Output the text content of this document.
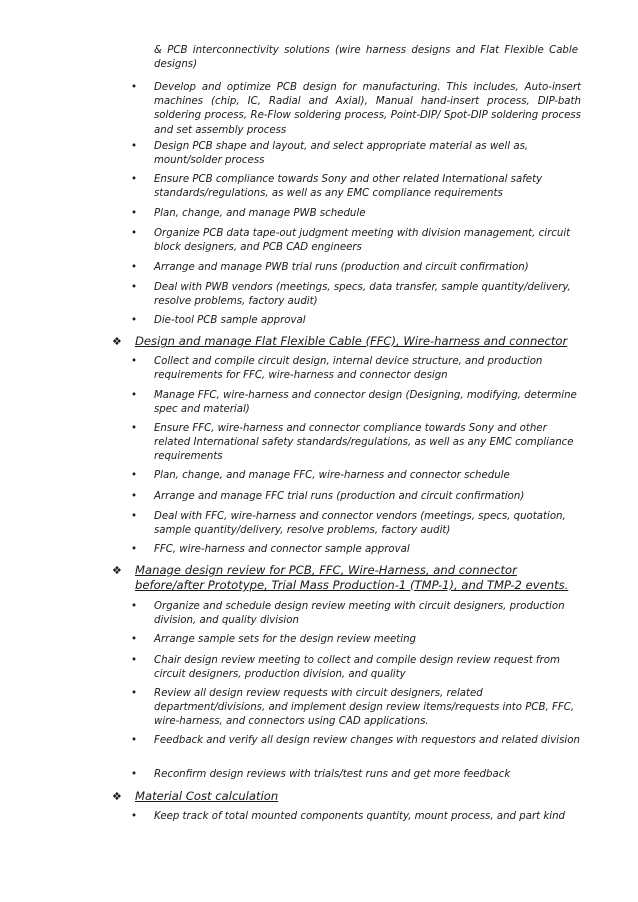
& PCB interconnectivity solutions (wire harness designs and Flat Flexible Cable designs)
• Develop and optimize PCB design for manufacturing. This includes, Auto-insert machines (chip, IC, Radial and Axial), Manual hand-insert process, DIP-bath soldering process, Re-Flow soldering process, Point-DIP/ Spot-DIP soldering process and set assembly process
• Design PCB shape and layout, and select appropriate material as well as, mount/solder process
• Ensure PCB compliance towards Sony and other related International safety standards/regulations, as well as any EMC compliance requirements
• Plan, change, and manage PWB schedule
• Organize PCB data tape-out judgment meeting with division management, circuit block designers, and PCB CAD engineers
• Arrange and manage PWB trial runs (production and circuit confirmation)
• Deal with PWB vendors (meetings, specs, data transfer, sample quantity/delivery, resolve problems, factory audit)
• Die-tool PCB sample approval
❖ Design and manage Flat Flexible Cable (FFC), Wire-harness and connector
• Collect and compile circuit design, internal device structure, and production requirements for FFC, wire-harness and connector design
• Manage FFC, wire-harness and connector design (Designing, modifying, determine spec and material)
• Ensure FFC, wire-harness and connector compliance towards Sony and other related International safety standards/regulations, as well as any EMC compliance requirements
• Plan, change, and manage FFC, wire-harness and connector schedule
• Arrange and manage FFC trial runs (production and circuit confirmation)
• Deal with FFC, wire-harness and connector vendors (meetings, specs, quotation, sample quantity/delivery, resolve problems, factory audit)
• FFC, wire-harness and connector sample approval
❖ Manage design review for PCB, FFC, Wire-Harness, and connector before/after Prototype, Trial Mass Production-1 (TMP-1), and TMP-2 events.
• Organize and schedule design review meeting with circuit designers, production division, and quality division
• Arrange sample sets for the design review meeting
• Chair design review meeting to collect and compile design review request from circuit designers, production division, and quality
• Review all design review requests with circuit designers, related department/divisions, and implement design review items/requests into PCB, FFC, wire-harness, and connectors using CAD applications.
• Feedback and verify all design review changes with requestors and related division
• Reconfirm design reviews with trials/test runs and get more feedback
❖ Material Cost calculation
• Keep track of total mounted components quantity, mount process, and part kind
